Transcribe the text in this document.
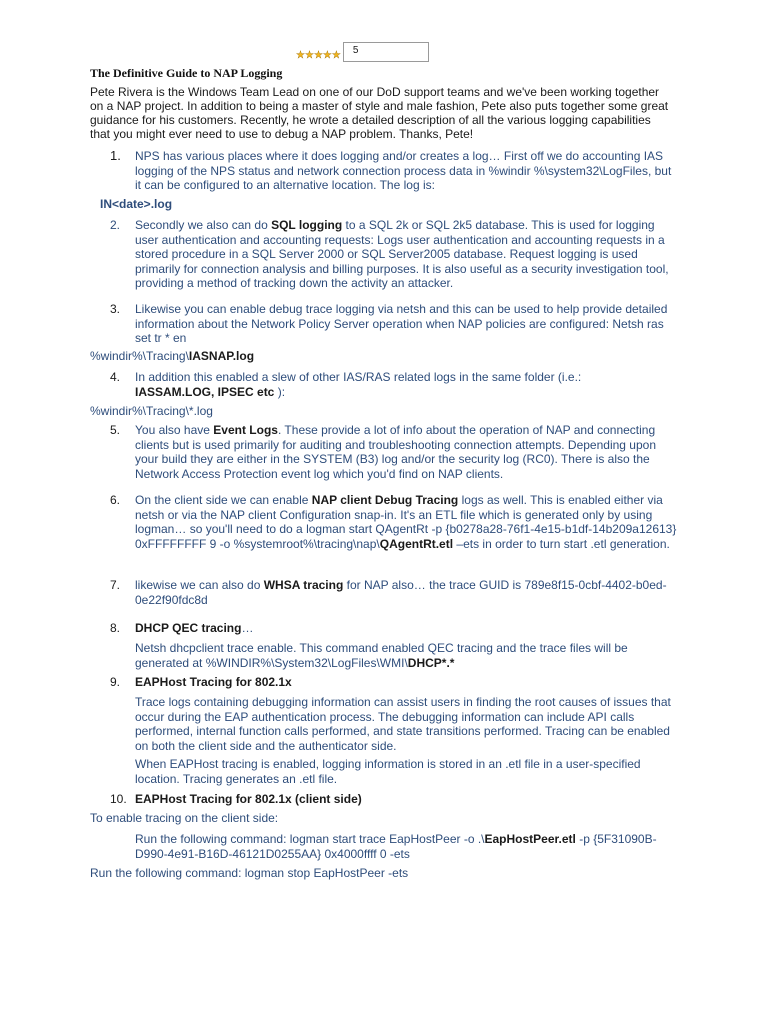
★ ★ ★ ★ ★	5
The Definitive Guide to NAP Logging
Pete Rivera is the Windows Team Lead on one of our DoD support teams and we've been working together on a NAP project. In addition to being a master of style and male fashion, Pete also puts together some great guidance for his customers. Recently, he wrote a detailed description of all the various logging capabilities that you might ever need to use to debug a NAP problem. Thanks, Pete!
1.	NPS has various places where it does logging and/or creates a log… First off we do accounting IAS logging of the NPS status and network connection process data in %windir %\system32\LogFiles, but it can be configured to an alternative location. The log is:
IN<date>.log
2.	Secondly we also can do SQL logging to a SQL 2k or SQL 2k5 database. This is used for logging user authentication and accounting requests: Logs user authentication and accounting requests in a stored procedure in a SQL Server 2000 or SQL Server2005 database. Request logging is used primarily for connection analysis and billing purposes. It is also useful as a security investigation tool, providing a method of tracking down the activity an attacker.
3.	Likewise you can enable debug trace logging via netsh and this can be used to help provide detailed information about the Network Policy Server operation when NAP policies are configured: Netsh ras set tr * en
%windir%\Tracing\IASNAP.log
4.	In addition this enabled a slew of other IAS/RAS related logs in the same folder (i.e.:
IASSAM.LOG, IPSEC etc ):
%windir%\Tracing\*.log
5.	You also have Event Logs. These provide a lot of info about the operation of NAP and connecting clients but is used primarily for auditing and troubleshooting connection attempts. Depending upon your build they are either in the SYSTEM (B3) log and/or the security log (RC0). There is also the Network Access Protection event log which you'd find on NAP clients.
6.	On the client side we can enable NAP client Debug Tracing logs as well. This is enabled either via netsh or via the NAP client Configuration snap-in. It's an ETL file which is generated only by using logman… so you'll need to do a logman start QAgentRt -p {b0278a28-76f1-4e15-b1df-14b209a12613} 0xFFFFFFFF 9 -o %systemroot%\tracing\nap\QAgentRt.etl –ets in order to turn start .etl generation.
7.	likewise we can also do WHSA tracing for NAP also… the trace GUID is 789e8f15-0cbf-4402-b0ed-0e22f90fdc8d
8.	DHCP QEC tracing…
Netsh dhcpclient trace enable. This command enabled QEC tracing and the trace files will be generated at %WINDIR%\System32\LogFiles\WMI\DHCP*.*
9.	EAPHost Tracing for 802.1x
Trace logs containing debugging information can assist users in finding the root causes of issues that occur during the EAP authentication process. The debugging information can include API calls performed, internal function calls performed, and state transitions performed. Tracing can be enabled on both the client side and the authenticator side.
When EAPHost tracing is enabled, logging information is stored in an .etl file in a user-specified location. Tracing generates an .etl file.
10. EAPHost Tracing for 802.1x (client side)
To enable tracing on the client side:
Run the following command: logman start trace EapHostPeer -o .\EapHostPeer.etl -p {5F31090B-D990-4e91-B16D-46121D0255AA} 0x4000ffff 0 -ets
Run the following command: logman stop EapHostPeer -ets
